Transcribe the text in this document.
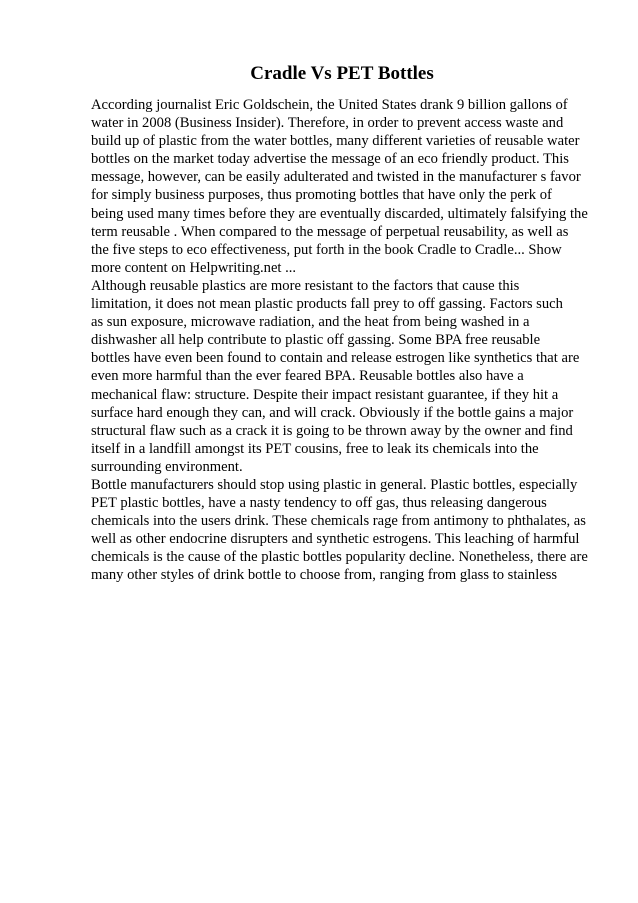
Cradle Vs PET Bottles
According journalist Eric Goldschein, the United States drank 9 billion gallons of
water in 2008 (Business Insider). Therefore, in order to prevent access waste and
build up of plastic from the water bottles, many different varieties of reusable water
bottles on the market today advertise the message of an eco friendly product. This
message, however, can be easily adulterated and twisted in the manufacturer s favor
for simply business purposes, thus promoting bottles that have only the perk of
being used many times before they are eventually discarded, ultimately falsifying the
term reusable . When compared to the message of perpetual reusability, as well as
the five steps to eco effectiveness, put forth in the book Cradle to Cradle... Show
more content on Helpwriting.net ...
Although reusable plastics are more resistant to the factors that cause this
limitation, it does not mean plastic products fall prey to off gassing. Factors such
as sun exposure, microwave radiation, and the heat from being washed in a
dishwasher all help contribute to plastic off gassing. Some BPA free reusable
bottles have even been found to contain and release estrogen like synthetics that are
even more harmful than the ever feared BPA. Reusable bottles also have a
mechanical flaw: structure. Despite their impact resistant guarantee, if they hit a
surface hard enough they can, and will crack. Obviously if the bottle gains a major
structural flaw such as a crack it is going to be thrown away by the owner and find
itself in a landfill amongst its PET cousins, free to leak its chemicals into the
surrounding environment.
Bottle manufacturers should stop using plastic in general. Plastic bottles, especially
PET plastic bottles, have a nasty tendency to off gas, thus releasing dangerous
chemicals into the users drink. These chemicals rage from antimony to phthalates, as
well as other endocrine disrupters and synthetic estrogens. This leaching of harmful
chemicals is the cause of the plastic bottles popularity decline. Nonetheless, there are
many other styles of drink bottle to choose from, ranging from glass to stainless
